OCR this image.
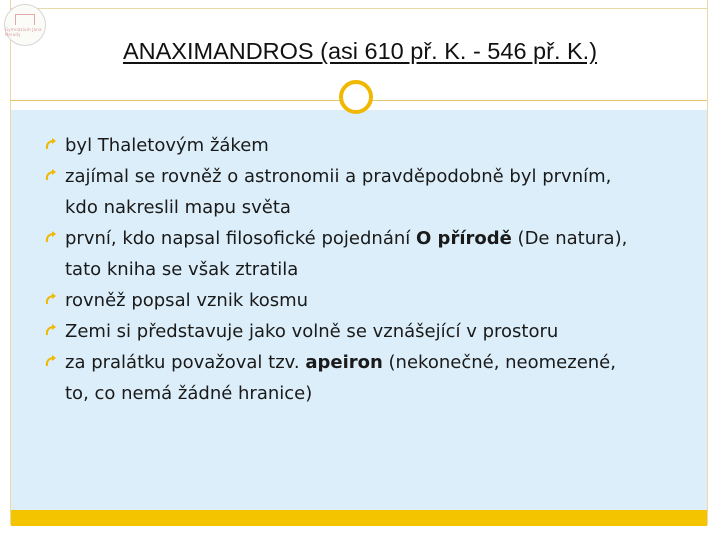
Gymnázium Jana Nerudy
ANAXIMANDROS (asi 610 př. K. - 546 př. K.)
byl Thaletovým žákem
zajímal se rovněž o astronomii a pravděpodobně byl prvním,
kdo nakreslil mapu světa
první, kdo napsal filosofické pojednání O přírodě (De natura),
tato kniha se však ztratila
rovněž popsal vznik kosmu
Zemi si představuje jako volně se vznášející v prostoru
za pralátku považoval tzv. apeiron (nekonečné, neomezené,
to, co nemá žádné hranice)
